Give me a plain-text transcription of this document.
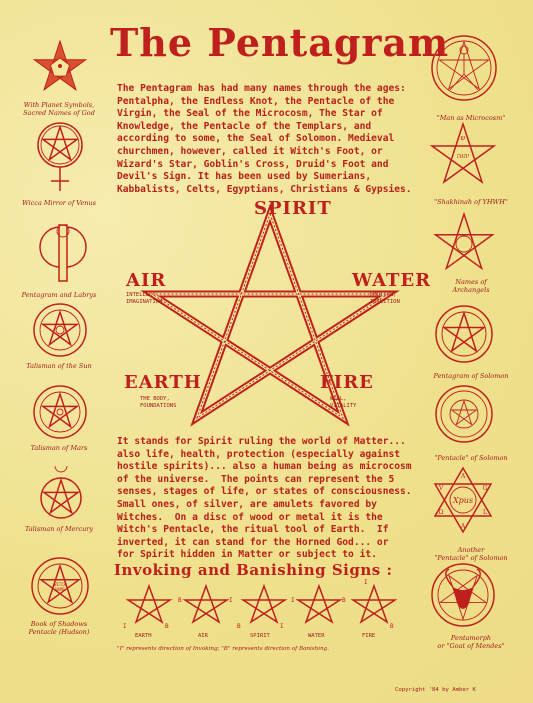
The Pentagram
The Pentagram has had many names through the ages:
Pentalpha, the Endless Knot, the Pentacle of the
Virgin, the Seal of the Microcosm, The Star of
Knowledge, the Pentacle of the Templars, and
according to some, the Seal of Solomon. Medieval
churchmen, however, called it Witch's Foot, or
Wizard's Star, Goblin's Cross, Druid's Foot and
Devil's Sign. It has been used by Sumerians,
Kabbalists, Celts, Egyptians, Christians & Gypsies.
SPIRIT
AIR
INTELLECT,
IMAGINATION
WATER
EMOTION,
INTUITION
EARTH
THE BODY,
FOUNDATIONS
FIRE
WILL,
VITALITY
It stands for Spirit ruling the world of Matter...
also life, health, protection (especially against
hostile spirits)... also a human being as microcosm
of the universe.  The points can represent the 5
senses, stages of life, or states of consciousness.
Small ones, of silver, are amulets favored by
Witches.  On a disc of wood or metal it is the
Witch's Pentacle, the ritual tool of Earth.  If
inverted, it can stand for the Horned God... or
for Spirit hidden in Matter or subject to it.
Invoking and Banishing Signs :
I	B
B	I
B	I
I	B
I
B
EARTH	AIR	SPIRIT	WATER	FIRE
"I" represents direction of Invoking; "B" represents direction of Banishing.
Copyright '84 by Amber K
With Planet Symbols,
Sacred Names of God
Wicca Mirror of Venus
Pentagram and Labrys
Talisman of the Sun
Talisman of Mars
Talisman of Mercury
WITCH NAME
Book of Shadows
Pentacle (Hudson)
"Man as Microcosm"
ש
יהוה
"Shakhinah of YHWH"
Names of
Archangels
Pentagram of Solomon
"Pentacle" of Solomon
Xpus
A
G
L
A
Ω
V
Another
"Pentacle" of Solomon
Pentamorph
or "Goat of Mendes"
